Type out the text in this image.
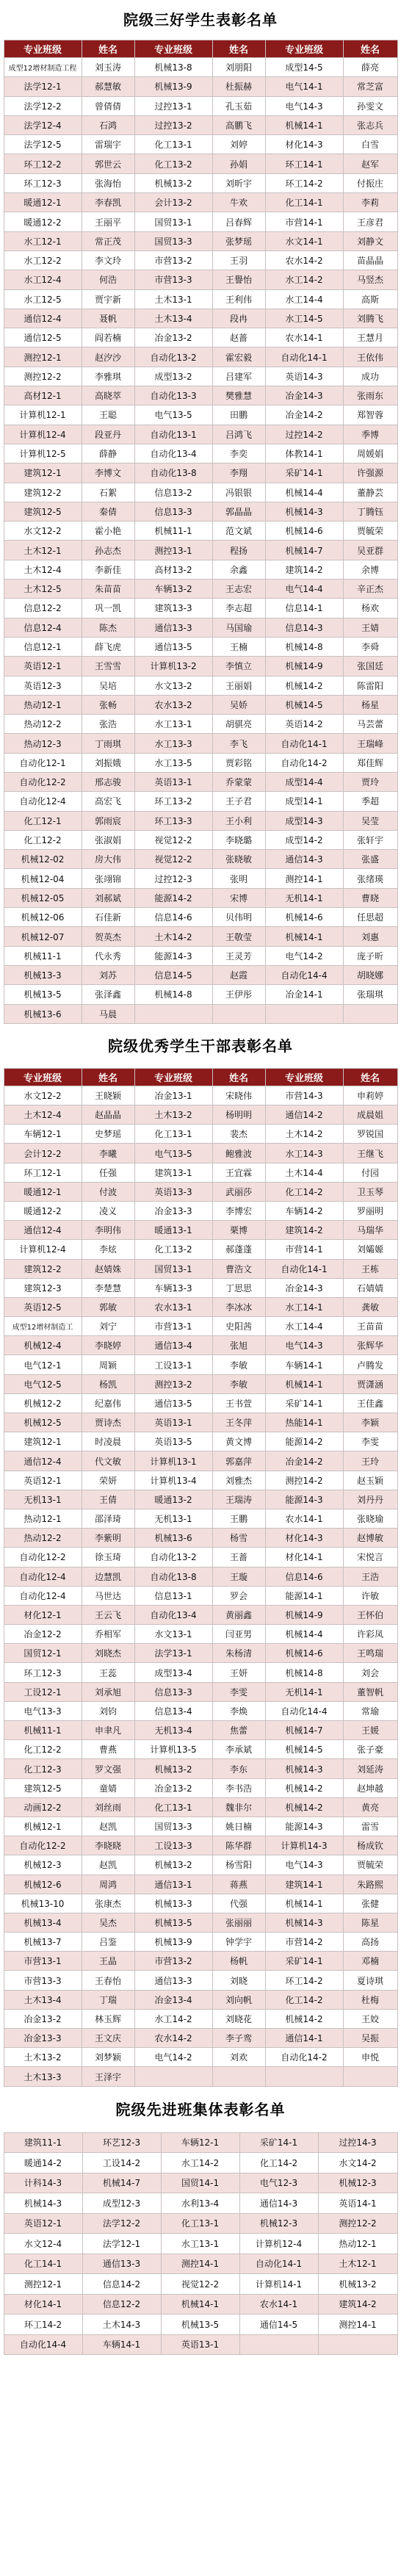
院级三好学生表彰名单
专业班级	姓名	专业班级	姓名	专业班级	姓名
成型12增材制造工程	刘玉涛	机械13-8	刘朋阳	成型14-5	薛亮
法学12-1	郝慧敏	机械13-9	杜振赫	电气14-1	常芝富
法学12-2	曾倩倩	过控13-1	孔玉茹	电气14-3	孙雯文
法学12-4	石鸿	过控13-2	高鹏飞	机械14-1	张志兵
法学12-5	雷瑞宇	化工13-1	刘婷	材化14-3	白雪
环工12-2	郭世云	化工13-2	孙娟	环工14-1	赵军
环工12-3	张海怡	机械13-2	刘昕宇	环工14-2	付振庄
暖通12-1	李春凯	会计13-2	牛欢	化工14-1	李莉
暖通12-2	王丽平	国贸13-1	吕春辉	市营14-1	王彦君
水工12-1	常正茂	国贸13-3	张梦瑶	水文14-1	刘静文
水工12-2	李文玲	市营13-2	王羽	农水14-2	苗晶晶
水工12-4	何浩	市营13-3	王譽怡	水工14-2	马竖杰
水工12-5	贾宇新	土木13-1	王利伟	水工14-4	高斯
通信12-4	聂帆	土木13-4	段冉	水工14-5	刘腾飞
通信12-5	阎若楠	冶金13-2	赵蔷	农水14-1	王慧月
测控12-1	赵汐沙	自动化13-2	霍宏毅	自动化14-1	王依伟
测控12-2	李雅琪	成型13-2	吕建军	英语14-3	成功
高材12-1	高晓萃	自动化13-3	樊雅慧	冶金14-3	张雨东
计算机12-1	王聪	电气13-5	田鹏	冶金14-2	郑智蓉
计算机12-4	段亚丹	自动化13-1	吕鸿飞	过控14-2	季博
计算机12-5	薛静	自动化13-4	李奕	体教14-1	周媛娟
建筑12-1	李博文	自动化13-8	李翔	采矿14-1	许强源
建筑12-2	石絮	信息13-2	冯银银	机械14-4	董静芸
建筑12-5	秦倩	信息13-3	郭晶晶	机械14-3	丁腾钰
水文12-2	霍小艳	机械11-1	范文斌	机械14-6	贾毓荣
土木12-1	孙志杰	测控13-1	程扬	机械14-7	吴亚群
土木12-4	李新佳	高材13-2	余鑫	建筑14-2	余博
土木12-5	朱苗苗	车辆13-2	王志宏	电气14-4	辛正杰
信息12-2	巩一凯	建筑13-3	李志超	信息14-1	杨欢
信息12-4	陈杰	通信13-3	马国瑜	信息14-3	王婧
信息12-1	薛飞虎	通信13-5	王楠	机械14-8	李舜
英语12-1	王雪雪	计算机13-2	李慎立	机械14-9	张国廷
英语12-3	吴培	水文13-2	王丽娟	机械14-2	陈雷阳
热动12-1	张畅	农水13-2	吴娇	机械14-5	杨星
热动12-2	张浩	水工13-1	胡骐亮	英语14-2	马芸蕾
热动12-3	丁雨琪	水工13-3	李飞	自动化14-1	王瑞峰
自动化12-1	刘振娥	水工13-5	贾彩铭	自动化14-2	郑佳辉
自动化12-2	邢志骏	英语13-1	乔蒙蒙	成型14-4	贾玲
自动化12-4	高宏飞	环工13-2	王子君	成型14-1	季超
化工12-1	郭雨宸	环工13-3	王小利	成型14-3	吴莹
化工12-2	张淑娟	视觉12-2	李晓璐	成型14-2	张轩宇
机械12-02	房大伟	视觉12-2	张晓敏	通信14-3	张盛
机械12-04	张翊锦	过控12-3	张明	测控14-1	张绪瑛
机械12-05	刘郝斌	能源14-2	宋博	无机14-1	曹晓
机械12-06	石佳新	信息14-6	贝伟明	机械14-6	任思超
机械12-07	贺英杰	土木14-2	王敬莹	机械14-1	刘惠
机械11-1	代永秀	能源14-3	王灵芳	电气14-2	庞子昕
机械13-3	刘苏	信息14-5	赵霞	自动化14-4	胡晓娜
机械13-5	张泽鑫	机械14-8	王伊彤	冶金14-1	张瑞琪
机械13-6	马晨				
院级优秀学生干部表彰名单
专业班级	姓名	专业班级	姓名	专业班级	姓名
水文12-2	王晓颖	冶金13-1	宋晓伟	市营14-3	申莉婷
土木12-4	赵晶晶	土木13-2	杨明明	通信14-2	成晨姐
车辆12-1	史梦瑶	化工13-1	裴杰	土木14-2	罗锐国
会计12-2	李曦	电气13-5	鲍雅波	水工14-3	王继飞
环工12-1	任强	建筑13-1	王宜霖	土木14-4	付园
暖通12-1	付波	英语13-3	武丽莎	化工14-2	卫玉琴
暖通12-2	凌义	冶金13-3	李博宏	车辆14-2	罗丽明
通信12-4	李明伟	暖通13-1	栗博	建筑14-2	马瑞华
计算机12-4	李炫	化工13-2	郝蓬蓬	市营14-1	刘孀嫄
建筑12-2	赵婧姝	国贸13-1	曹浩文	自动化14-1	王栋
建筑12-3	李楚慧	车辆13-3	丁思思	冶金14-3	石婧婧
英语12-5	郭敏	农水13-1	李冰冰	水工14-1	龚敏
成型12增材制造工	刘宁	市营13-1	史阳茜	水工14-4	王苗苗
机械12-4	李晓婷	通信13-4	张旭	电气14-3	张辉华
电气12-1	周颖	工设13-1	李敏	车辆14-1	卢腾发
电气12-5	杨凯	测控13-2	李敏	机械14-1	贾潇涵
机械12-2	纪嘉伟	通信13-5	王书萱	采矿14-1	王佳鑫
机械12-5	贾诗杰	英语13-1	王冬萍	热能14-1	李颖
建筑12-1	时凌晨	英语13-5	黄文博	能源14-2	李雯
通信12-4	代文敏	计算机13-1	郭嘉萍	冶金14-2	王玲
英语12-1	荣妍	计算机13-4	刘雅杰	测控14-2	赵玉颖
无机13-1	王倩	暖通13-2	王瑞涛	能源14-3	刘丹丹
热动12-1	邵泽琦	无机13-1	王鹏	农水14-1	张晓瑜
热动12-2	李紫明	机械13-6	杨雪	材化14-3	赵博敏
自动化12-2	徐玉琦	自动化13-2	王蔷	材化14-1	宋悦言
自动化12-4	边慧凯	自动化13-8	王璇	信息14-6	王浩
自动化12-4	马世达	信息13-1	罗会	能源14-1	许敏
材化12-1	王云飞	自动化13-4	黄丽鑫	机械14-9	王怀伯
冶金12-2	乔相军	水文13-1	闫亚男	机械14-4	许彩凤
国贸12-1	刘晓杰	法学13-1	朱杨清	机械14-6	王鸣瑞
环工12-3	王蕊	成型13-4	王妍	机械14-8	刘会
工设12-1	刘承旭	信息13-3	李雯	无机14-1	董智帆
电气13-3	刘钧	信息13-4	李焕	自动化14-4	常瑜
机械11-1	申聿凡	无机13-4	焦蕾	机械14-7	王媛
化工12-2	曹燕	计算机13-5	李承斌	机械14-5	张子豪
化工12-3	罗文强	机械13-2	李东	机械14-3	刘延涛
建筑12-5	童婧	冶金13-2	李书浩	机械14-2	赵坤越
动画12-2	刘丝雨	化工13-1	魏非尔	机械14-2	黄亮
机械12-1	赵凯	国贸13-3	姚日楠	能源14-3	雷雪
自动化12-2	李晓晓	工设13-3	陈华群	计算机14-3	杨成钦
机械12-3	赵凯	机械13-2	杨雪阳	电气14-3	贾毓荣
机械12-6	周鸿	通信13-1	蒋燕	建筑14-1	朱路熙
机械13-10	张康杰	机械13-3	代强	机械14-1	张健
机械13-4	吴杰	机械13-5	张丽丽	机械14-3	陈星
机械13-7	吕鉴	机械13-9	钟学宇	市营14-2	高扬
市营13-1	王晶	市营13-2	杨帆	采矿14-1	邓楠
市营13-3	王春怡	通信13-3	刘晓	环工14-2	夏诗琪
土木13-4	丁瑞	冶金13-4	刘向帆	化工14-2	杜梅
冶金13-2	林玉辉	水工14-2	刘晓花	机械14-2	王姣
冶金13-3	王文庆	农水14-2	李子鸾	通信14-1	吴振
土木13-2	刘梦颖	电气14-2	刘欢	自动化14-2	申悦
土木13-3	王泽宇				
院级先进班集体表彰名单
建筑11-1	环艺12-3	车辆12-1	采矿14-1	过控14-3
暖通14-2	工设14-2	水工14-2	化工14-2	水文14-2
计科14-3	机械14-7	国贸14-1	电气12-3	机械12-3
机械14-3	成型12-3	水利13-4	通信14-3	英语14-1
英语12-1	法学12-2	化工13-1	机械12-3	测控12-2
水文12-4	法学12-1	水工13-1	计算机12-4	热动12-1
化工14-1	通信13-3	测控14-1	自动化14-1	土木12-1
测控12-1	信息14-2	视觉12-2	计算机14-1	机械13-2
材化14-1	信息12-2	机械14-1	农水14-1	建筑14-2
环工14-2	土木14-3	机械13-5	通信14-5	测控14-1
自动化14-4	车辆14-1	英语13-1		
